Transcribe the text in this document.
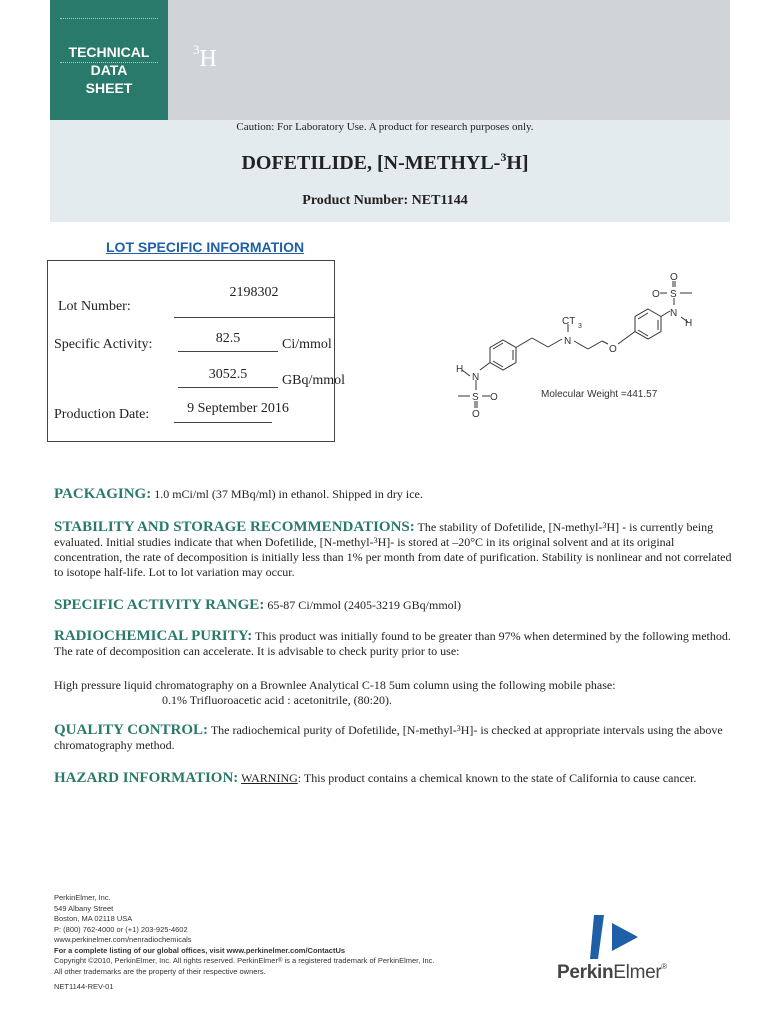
TECHNICAL
DATA
SHEET
$^3$H
Caution: For Laboratory Use. A product for research purposes only.
DOFETILIDE, [N-METHYL-$^3$H]
Product Number: NET1144
LOT SPECIFIC INFORMATION
Lot Number:
2198302
Specific Activity:	82.5	Ci/mmol
3052.5	GBq/mmol
Production Date:	9 September 2016
O
O S
N
H
CT 3
N
O
H
N
S O
O
Molecular Weight =441.57
PACKAGING: 1.0 mCi/ml (37 MBq/ml) in ethanol. Shipped in dry ice.
STABILITY AND STORAGE RECOMMENDATIONS: The stability of Dofetilide, [N-methyl-$^3$H] - is currently being evaluated. Initial studies indicate that when Dofetilide, [N-methyl-$^3$H]- is stored at –20°C in its original solvent and at its original concentration, the rate of decomposition is initially less than 1% per month from date of purification. Stability is nonlinear and not correlated to isotope half-life. Lot to lot variation may occur.
SPECIFIC ACTIVITY RANGE: 65-87 Ci/mmol (2405-3219 GBq/mmol)
RADIOCHEMICAL PURITY: This product was initially found to be greater than 97% when determined by the following method. The rate of decomposition can accelerate. It is advisable to check purity prior to use:
High pressure liquid chromatography on a Brownlee Analytical C-18 5um column using the following mobile phase:
0.1% Trifluoroacetic acid : acetonitrile, (80:20).
QUALITY CONTROL: The radiochemical purity of Dofetilide, [N-methyl-$^3$H]- is checked at appropriate intervals using the above chromatography method.
HAZARD INFORMATION: WARNING: This product contains a chemical known to the state of California to cause cancer.
PerkinElmer, Inc.
549 Albany Street
Boston, MA 02118 USA
P: (800) 762-4000 or (+1) 203-925-4602
www.perkinelmer.com/nenradiochemicals
For a complete listing of our global offices, visit www.perkinelmer.com/ContactUs
Copyright ©2010, PerkinElmer, Inc. All rights reserved. PerkinElmer® is a registered trademark of PerkinElmer, Inc.
All other trademarks are the property of their respective owners.
NET1144-REV-01
PerkinElmer®
